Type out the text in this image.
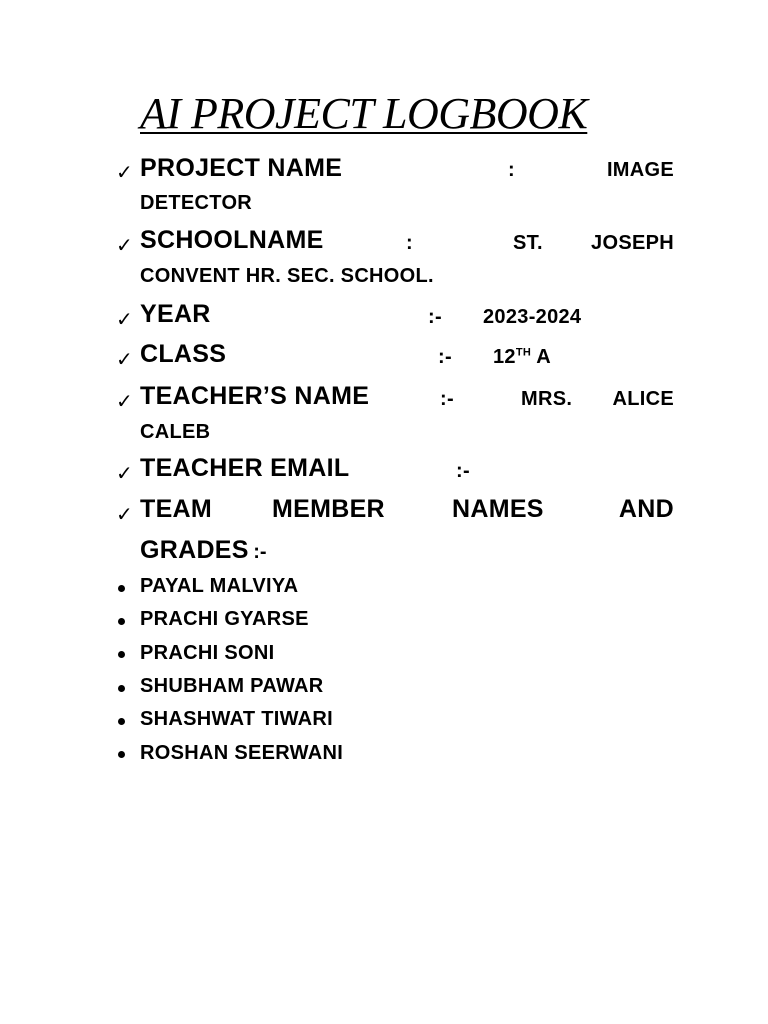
AI PROJECT LOGBOOK
✓ PROJECT NAME	:	IMAGE
DETECTOR
✓ SCHOOLNAME	:	ST. JOSEPH
CONVENT HR. SEC. SCHOOL.
✓ YEAR	:- 2023-2024
✓ CLASS	:- 12TH A
✓ TEACHER’S NAME	:-	MRS. ALICE
CALEB
✓ TEACHER EMAIL	:-
✓ TEAM MEMBER	NAMES	AND
GRADES :-
PAYAL MALVIYA
PRACHI GYARSE
PRACHI SONI
SHUBHAM PAWAR
SHASHWAT TIWARI
ROSHAN SEERWANI
